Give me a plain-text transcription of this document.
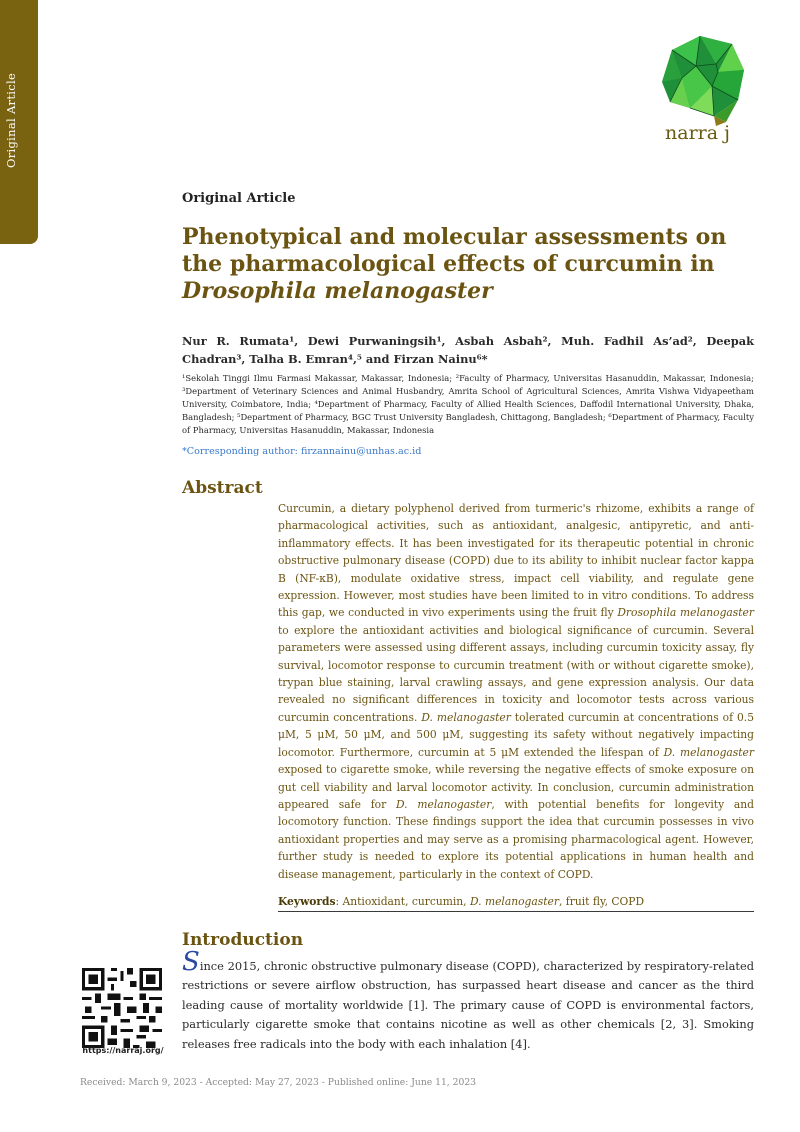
Original Article	narra j
Original Article
Phenotypical and molecular assessments on the pharmacological effects of curcumin in Drosophila melanogaster
Nur R. Rumata¹, Dewi Purwaningsih¹, Asbah Asbah², Muh. Fadhil As’ad², Deepak Chadran³, Talha B. Emran⁴,⁵ and Firzan Nainu⁶*
¹Sekolah Tinggi Ilmu Farmasi Makassar, Makassar, Indonesia; ²Faculty of Pharmacy, Universitas Hasanuddin, Makassar, Indonesia; ³Department of Veterinary Sciences and Animal Husbandry, Amrita School of Agricultural Sciences, Amrita Vishwa Vidyapeetham University, Coimbatore, India; ⁴Department of Pharmacy, Faculty of Allied Health Sciences, Daffodil International University, Dhaka, Bangladesh; ⁵Department of Pharmacy, BGC Trust University Bangladesh, Chittagong, Bangladesh; ⁶Department of Pharmacy, Faculty of Pharmacy, Universitas Hasanuddin, Makassar, Indonesia
*Corresponding author: firzannainu@unhas.ac.id
Abstract
Curcumin, a dietary polyphenol derived from turmeric's rhizome, exhibits a range of pharmacological activities, such as antioxidant, analgesic, antipyretic, and anti-inflammatory effects. It has been investigated for its therapeutic potential in chronic obstructive pulmonary disease (COPD) due to its ability to inhibit nuclear factor kappa B (NF-κB), modulate oxidative stress, impact cell viability, and regulate gene expression. However, most studies have been limited to in vitro conditions. To address this gap, we conducted in vivo experiments using the fruit fly Drosophila melanogaster to explore the antioxidant activities and biological significance of curcumin. Several parameters were assessed using different assays, including curcumin toxicity assay, fly survival, locomotor response to curcumin treatment (with or without cigarette smoke), trypan blue staining, larval crawling assays, and gene expression analysis. Our data revealed no significant differences in toxicity and locomotor tests across various curcumin concentrations. D. melanogaster tolerated curcumin at concentrations of 0.5 μM, 5 μM, 50 μM, and 500 μM, suggesting its safety without negatively impacting locomotor. Furthermore, curcumin at 5 μM extended the lifespan of D. melanogaster exposed to cigarette smoke, while reversing the negative effects of smoke exposure on gut cell viability and larval locomotor activity. In conclusion, curcumin administration appeared safe for D. melanogaster, with potential benefits for longevity and locomotory function. These findings support the idea that curcumin possesses in vivo antioxidant properties and may serve as a promising pharmacological agent. However, further study is needed to explore its potential applications in human health and disease management, particularly in the context of COPD.
Keywords: Antioxidant, curcumin, D. melanogaster, fruit fly, COPD
Introduction
Since 2015, chronic obstructive pulmonary disease (COPD), characterized by respiratory-related restrictions or severe airflow obstruction, has surpassed heart disease and cancer as the third leading cause of mortality worldwide [1]. The primary cause of COPD is environmental factors, particularly cigarette smoke that contains nicotine as well as other chemicals [2, 3]. Smoking releases free radicals into the body with each inhalation [4].
https://narraj.org/
Received: March 9, 2023 - Accepted: May 27, 2023 - Published online: June 11, 2023
